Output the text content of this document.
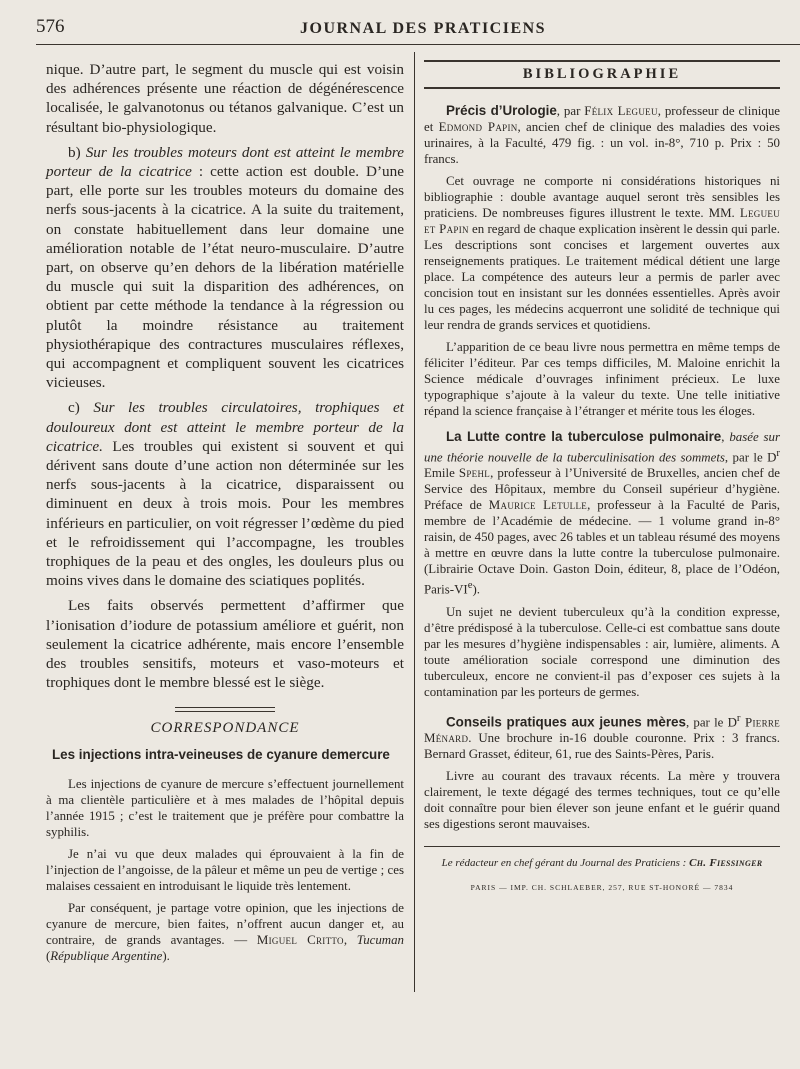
576	JOURNAL DES PRATICIENS

nique. D’autre part, le segment du muscle qui est voisin des adhérences présente une réaction de dégénérescence localisée, le galvanotonus ou tétanos galvanique. C’est un résultant bio-physiologique.

b) Sur les troubles moteurs dont est atteint le membre porteur de la cicatrice : cette action est double. D’une part, elle porte sur les troubles moteurs du domaine des nerfs sous-jacents à la cicatrice. A la suite du traitement, on constate habituellement dans leur domaine une amélioration notable de l’état neuro-musculaire. D’autre part, on observe qu’en dehors de la libération matérielle du muscle qui suit la disparition des adhérences, on obtient par cette méthode la tendance à la régression ou plutôt la moindre résistance au traitement physiothérapique des contractures musculaires réflexes, qui accompagnent et compliquent souvent les cicatrices vicieuses.

c) Sur les troubles circulatoires, trophiques et douloureux dont est atteint le membre porteur de la cicatrice. Les troubles qui existent si souvent et qui dérivent sans doute d’une action non déterminée sur les nerfs sous-jacents à la cicatrice, disparaissent ou diminuent en deux à trois mois. Pour les membres inférieurs en particulier, on voit régresser l’œdème du pied et le refroidissement qui l’accompagne, les troubles trophiques de la peau et des ongles, les douleurs plus ou moins vives dans le domaine des sciatiques poplités.

Les faits observés permettent d’affirmer que l’ionisation d’iodure de potassium améliore et guérit, non seulement la cicatrice adhérente, mais encore l’ensemble des troubles sensitifs, moteurs et vaso-moteurs et trophiques dont le membre blessé est le siège.

CORRESPONDANCE
Les injections intra-veineuses de cyanure demercure

Les injections de cyanure de mercure s’effectuent journellement à ma clientèle particulière et à mes malades de l’hôpital depuis l’année 1915 ; c’est le traitement que je préfère pour combattre la syphilis.

Je n’ai vu que deux malades qui éprouvaient à la fin de l’injection de l’angoisse, de la pâleur et même un peu de vertige ; ces malaises cessaient en introduisant le liquide très lentement.

Par conséquent, je partage votre opinion, que les injections de cyanure de mercure, bien faites, n’offrent aucun danger et, au contraire, de grands avantages. — Miguel Critto, Tucuman (République Argentine).

BIBLIOGRAPHIE

Précis d’Urologie, par Félix Legueu, professeur de clinique et Edmond Papin, ancien chef de clinique des maladies des voies urinaires, à la Faculté, 479 fig. : un vol. in-8°, 710 p. Prix : 50 francs.

Cet ouvrage ne comporte ni considérations historiques ni bibliographie : double avantage auquel seront très sensibles les praticiens. De nombreuses figures illustrent le texte. MM. Legueu et Papin en regard de chaque explication insèrent le dessin qui parle. Les descriptions sont concises et largement ouvertes aux renseignements pratiques. Le traitement médical détient une large place. La compétence des auteurs leur a permis de parler avec concision tout en insistant sur les données essentielles. Après avoir lu ces pages, les médecins acquerront une solidité de technique qui leur rendra de grands services et quotidiens.

L’apparition de ce beau livre nous permettra en même temps de féliciter l’éditeur. Par ces temps difficiles, M. Maloine enrichit la Science médicale d’ouvrages infiniment précieux. Le luxe typographique s’ajoute à la valeur du texte. Une telle initiative répand la science française à l’étranger et mérite tous les éloges.

La Lutte contre la tuberculose pulmonaire, basée sur une théorie nouvelle de la tuberculinisation des sommets, par le $D^r$ Emile Spehl, professeur à l’Université de Bruxelles, ancien chef de Service des Hôpitaux, membre du Conseil supérieur d’hygiène. Préface de Maurice Letulle, professeur à la Faculté de Paris, membre de l’Académie de médecine. — 1 volume grand in-8° raisin, de 450 pages, avec 26 tables et un tableau résumé des moyens à mettre en œuvre dans la lutte contre la tuberculose pulmonaire. (Librairie Octave Doin. Gaston Doin, éditeur, 8, place de l’Odéon, Paris-VIe).

Un sujet ne devient tuberculeux qu’à la condition expresse, d’être prédisposé à la tuberculose. Celle-ci est combattue sans doute par les mesures d’hygiène indispensables : air, lumière, aliments. A toute amélioration sociale correspond une diminution des tuberculeux, encore ne convient-il pas d’exposer ces sujets à la contamination par les porteurs de germes.

Conseils pratiques aux jeunes mères, par le $D^r$ Pierre Ménard. Une brochure in-16 double couronne. Prix : 3 francs. Bernard Grasset, éditeur, 61, rue des Saints-Pères, Paris.

Livre au courant des travaux récents. La mère y trouvera clairement, le texte dégagé des termes techniques, tout ce qu’elle doit connaître pour bien élever son jeune enfant et le guérir quand ses digestions seront mauvaises.

Le rédacteur en chef gérant du Journal des Praticiens : Ch. Fiessinger
PARIS — IMP. CH. SCHLAEBER, 257, RUE ST-HONORÉ — 7834
